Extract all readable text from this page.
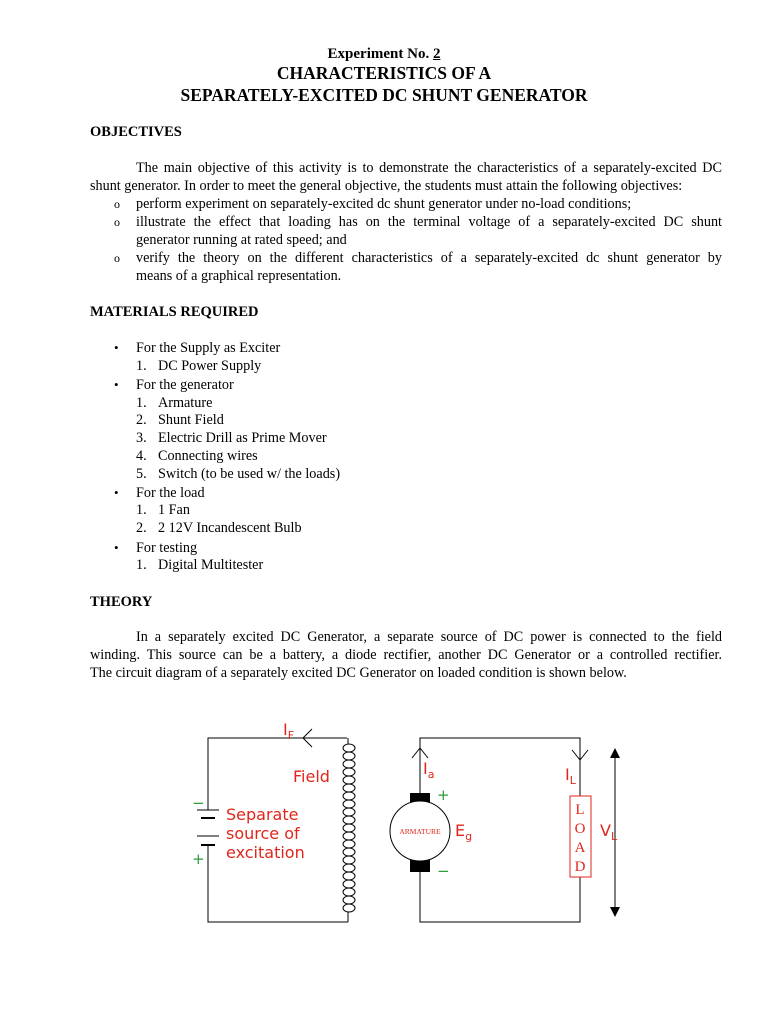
Experiment No. 2
CHARACTERISTICS OF A
SEPARATELY-EXCITED DC SHUNT GENERATOR
OBJECTIVES
The main objective of this activity is to demonstrate the characteristics of a separately-excited DC
shunt generator. In order to meet the general objective, the students must attain the following objectives:
o perform experiment on separately-excited dc shunt generator under no-load conditions;
o illustrate the effect that loading has on the terminal voltage of a separately-excited DC shunt
generator running at rated speed; and
o verify the theory on the different characteristics of a separately-excited dc shunt generator by
means of a graphical representation.
MATERIALS REQUIRED
• For the Supply as Exciter
1. DC Power Supply
• For the generator
1. Armature
2. Shunt Field
3. Electric Drill as Prime Mover
4. Connecting wires
5. Switch (to be used w/ the loads)
• For the load
1. 1 Fan
2. 2 12V Incandescent Bulb
• For testing
1. Digital Multitester
THEORY
In a separately excited DC Generator, a separate source of DC power is connected to the field
winding. This source can be a battery, a diode rectifier, another DC Generator or a controlled rectifier.
The circuit diagram of a separately excited DC Generator on loaded condition is shown below.
$I_F$
Field
Separate
source of
excitation
−
+
$I_a$
+
ARMATURE $E_g$
−
$I_L$
L
O
A
D
$V_L$
